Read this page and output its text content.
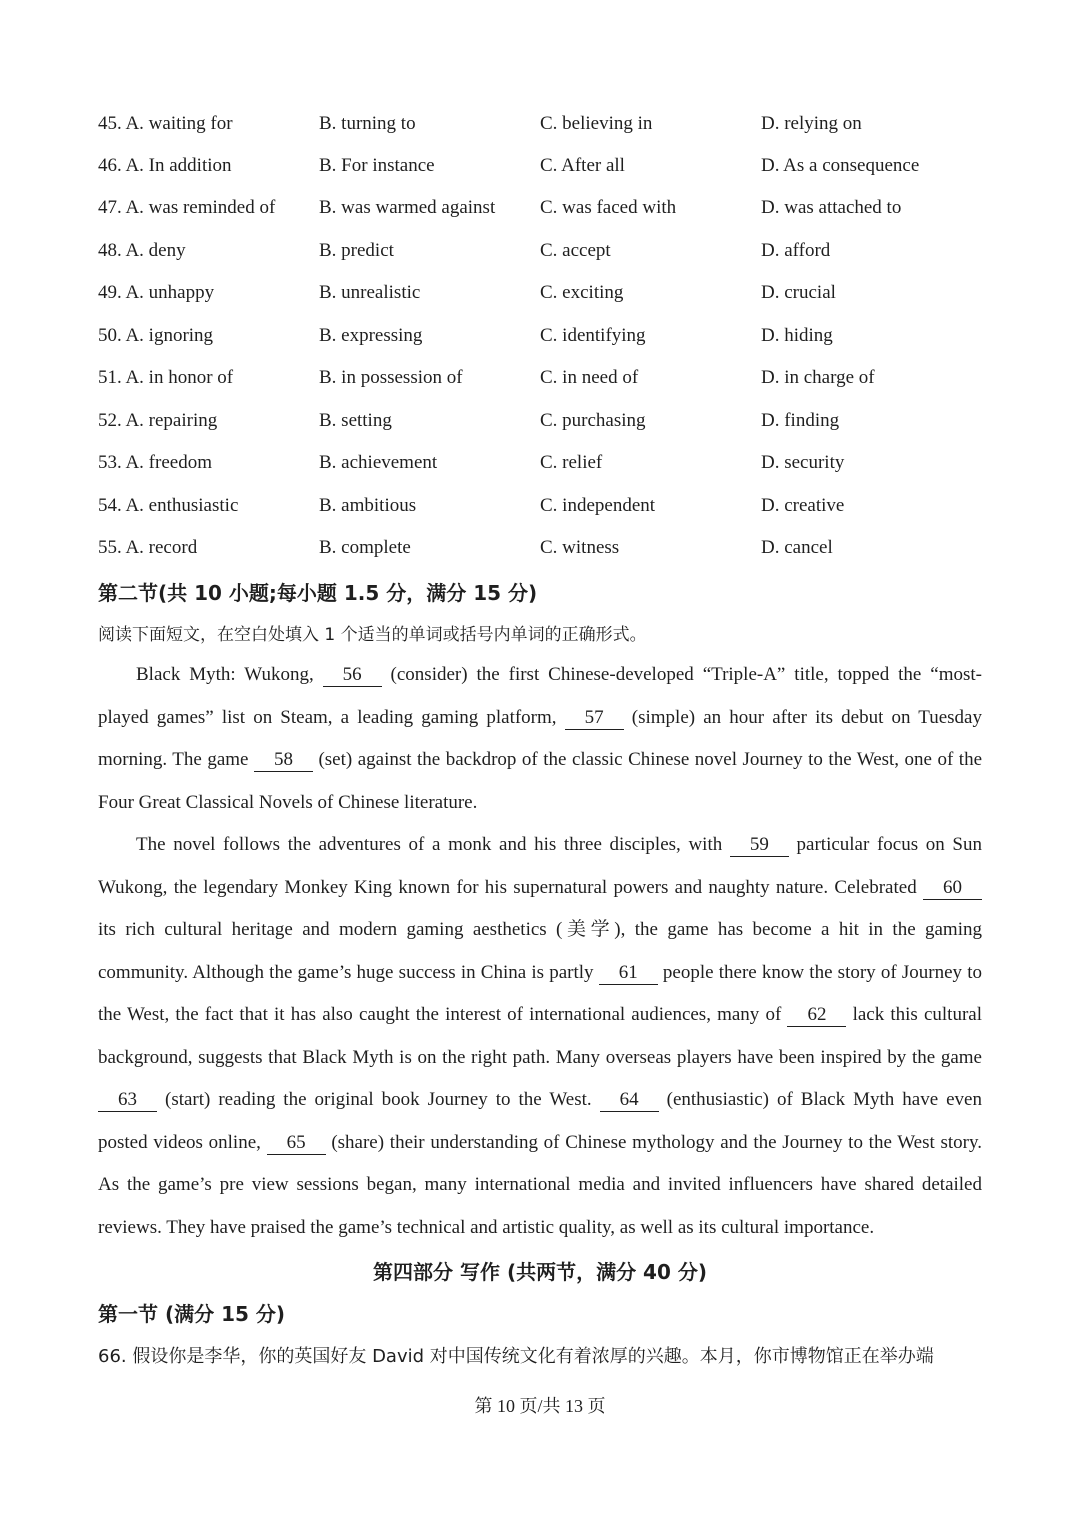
45. A. waiting for	B. turning to	C. believing in	D. relying on
46. A. In addition	B. For instance	C. After all	D. As a consequence
47. A. was reminded of B. was warmed against C. was faced with	D. was attached to
48. A. deny	B. predict	C. accept	D. afford
49. A. unhappy	B. unrealistic	C. exciting	D. crucial
50. A. ignoring	B. expressing	C. identifying	D. hiding
51. A. in honor of	B. in possession of	C. in need of	D. in charge of
52. A. repairing	B. setting	C. purchasing	D. finding
53. A. freedom	B. achievement	C. relief	D. security
54. A. enthusiastic	B. ambitious	C. independent	D. creative
55. A. record	B. complete	C. witness	D. cancel
第二节(共 10 小题;每小题 1.5 分，满分 15 分)
阅读下面短文，在空白处填入 1 个适当的单词或括号内单词的正确形式。

Black Myth: Wukong, 56 (consider) the first Chinese-developed “Triple-A” title, topped the “most-played games” list on Steam, a leading gaming platform, 57 (simple) an hour after its debut on Tuesday morning. The game 58 (set) against the backdrop of the classic Chinese novel Journey to the West, one of the Four Great Classical Novels of Chinese literature.

The novel follows the adventures of a monk and his three disciples, with 59 particular focus on Sun Wukong, the legendary Monkey King known for his supernatural powers and naughty nature. Celebrated 60 its rich cultural heritage and modern gaming aesthetics (美学), the game has become a hit in the gaming community. Although the game’s huge success in China is partly 61 people there know the story of Journey to the West, the fact that it has also caught the interest of international audiences, many of 62 lack this cultural background, suggests that Black Myth is on the right path. Many overseas players have been inspired by the game 63 (start) reading the original book Journey to the West. 64 (enthusiastic) of Black Myth have even posted videos online, 65 (share) their understanding of Chinese mythology and the Journey to the West story. As the game’s pre view sessions began, many international media and invited influencers have shared detailed reviews. They have praised the game’s technical and artistic quality, as well as its cultural importance.

第四部分 写作 (共两节，满分 40 分)
第一节 (满分 15 分)
66. 假设你是李华，你的英国好友 David 对中国传统文化有着浓厚的兴趣。本月，你市博物馆正在举办端
第 10 页/共 13 页
